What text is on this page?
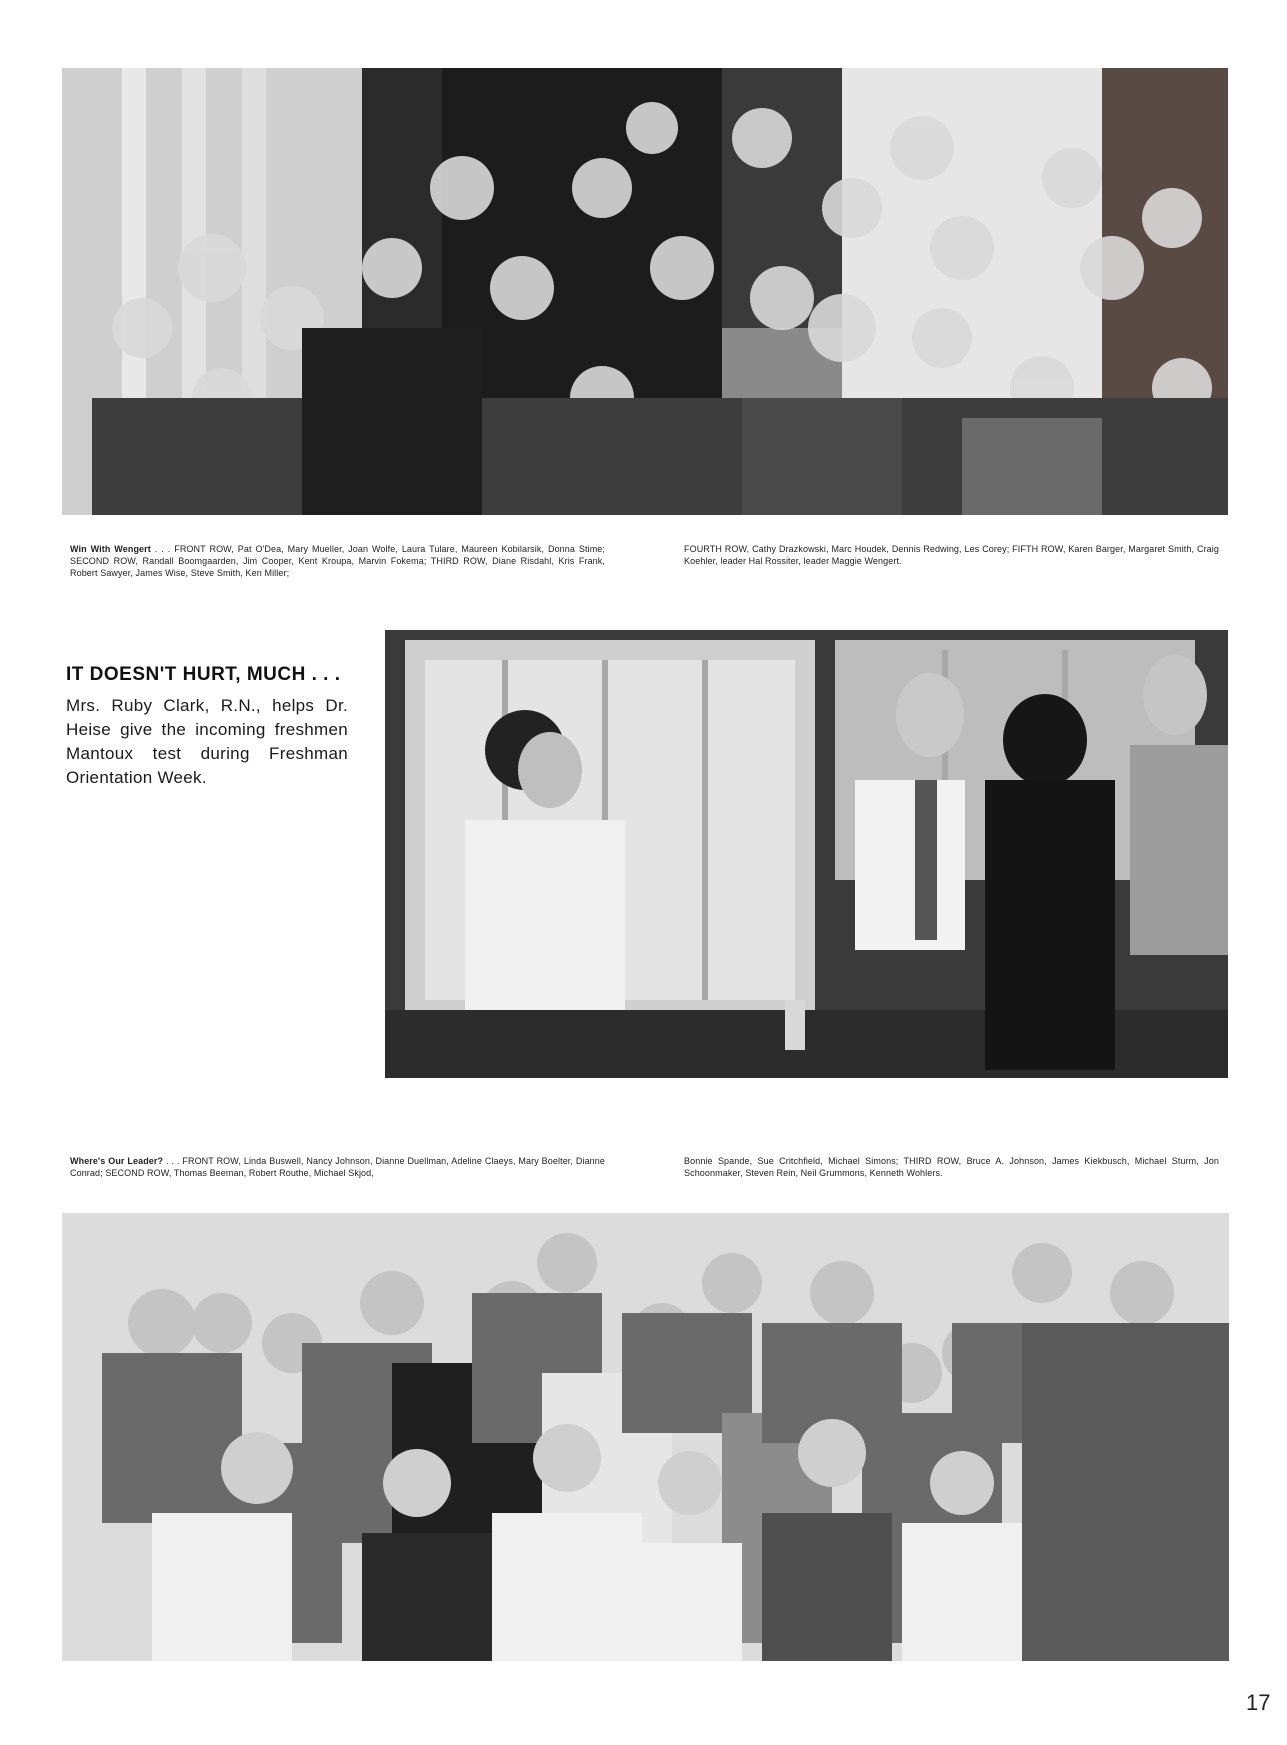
Win With Wengert . . . FRONT ROW, Pat O'Dea, Mary Mueller, Joan Wolfe, Laura Tulare, Maureen Kobilarsik, Donna Stime; SECOND ROW, Randall Boomgaarden, Jim Cooper, Kent Kroupa, Marvin Fokema; THIRD ROW, Diane Risdahl, Kris Frank, Robert Sawyer, James Wise, Steve Smith, Ken Miller;
FOURTH ROW, Cathy Drazkowski, Marc Houdek, Dennis Redwing, Les Corey; FIFTH ROW, Karen Barger, Margaret Smith, Craig Koehler, leader Hal Rossiter, leader Maggie Wengert.
IT DOESN'T HURT, MUCH . . .
Mrs. Ruby Clark, R.N., helps Dr. Heise give the incoming freshmen Mantoux test during Freshman Orientation Week.
Where's Our Leader? . . . FRONT ROW, Linda Buswell, Nancy Johnson, Dianne Duellman, Adeline Claeys, Mary Boelter, Dianne Conrad; SECOND ROW, Thomas Beeman, Robert Routhe, Michael Skjod,
Bonnie Spande, Sue Critchfield, Michael Simons; THIRD ROW, Bruce A. Johnson, James Kiekbusch, Michael Sturm, Jon Schoonmaker, Steven Rein, Neil Grummons, Kenneth Wohlers.
17
